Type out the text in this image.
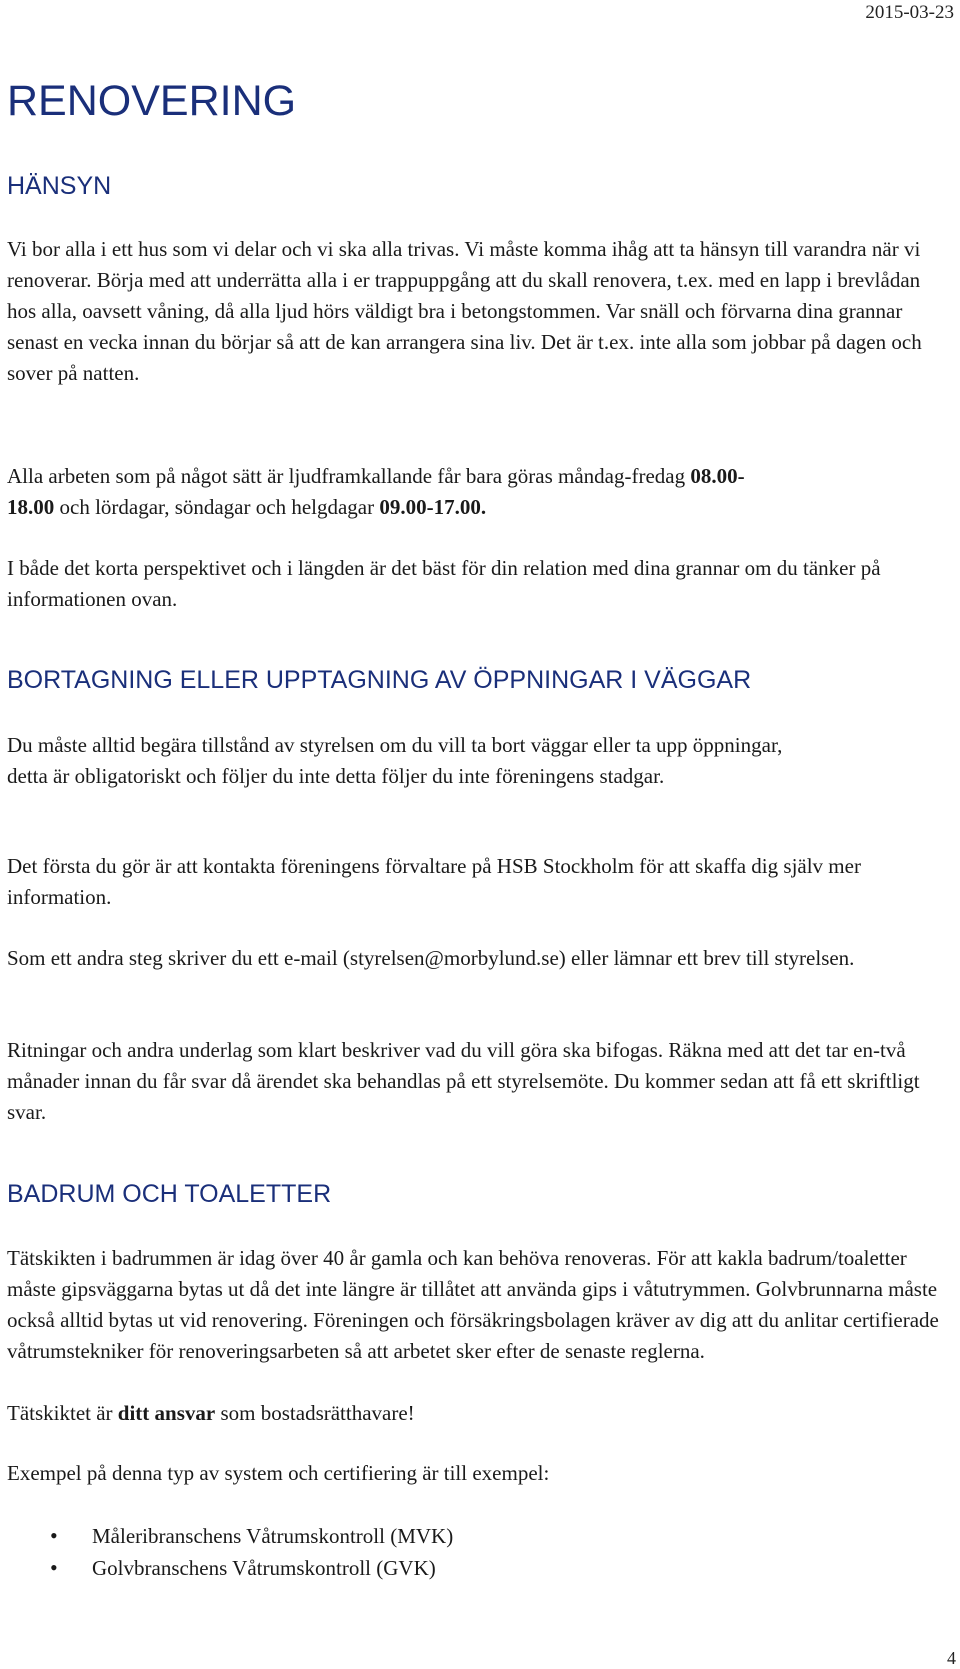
2015-03-23
RENOVERING
HÄNSYN

Vi bor alla i ett hus som vi delar och vi ska alla trivas. Vi måste komma ihåg att ta hänsyn till varandra när vi renoverar. Börja med att underrätta alla i er trappuppgång att du skall renovera, t.ex. med en lapp i brevlådan hos alla, oavsett våning, då alla ljud hörs väldigt bra i betongstommen. Var snäll och förvarna dina grannar senast en vecka innan du börjar så att de kan arrangera sina liv. Det är t.ex. inte alla som jobbar på dagen och sover på natten.

Alla arbeten som på något sätt är ljudframkallande får bara göras måndag-fredag 08.00-18.00 och lördagar, söndagar och helgdagar 09.00-17.00.

I både det korta perspektivet och i längden är det bäst för din relation med dina grannar om du tänker på informationen ovan.

BORTAGNING ELLER UPPTAGNING AV ÖPPNINGAR I VÄGGAR

Du måste alltid begära tillstånd av styrelsen om du vill ta bort väggar eller ta upp öppningar, detta är obligatoriskt och följer du inte detta följer du inte föreningens stadgar.

Det första du gör är att kontakta föreningens förvaltare på HSB Stockholm för att skaffa dig själv mer information.

Som ett andra steg skriver du ett e-mail (styrelsen@morbylund.se) eller lämnar ett brev till styrelsen.

Ritningar och andra underlag som klart beskriver vad du vill göra ska bifogas. Räkna med att det tar en-två månader innan du får svar då ärendet ska behandlas på ett styrelsemöte. Du kommer sedan att få ett skriftligt svar.

BADRUM OCH TOALETTER

Tätskikten i badrummen är idag över 40 år gamla och kan behöva renoveras. För att kakla badrum/toaletter måste gipsväggarna bytas ut då det inte längre är tillåtet att använda gips i våtutrymmen. Golvbrunnarna måste också alltid bytas ut vid renovering. Föreningen och försäkringsbolagen kräver av dig att du anlitar certifierade våtrumstekniker för renoveringsarbeten så att arbetet sker efter de senaste reglerna.

Tätskiktet är ditt ansvar som bostadsrätthavare!

Exempel på denna typ av system och certifiering är till exempel:

• Måleribranschens Våtrumskontroll (MVK)
• Golvbranschens Våtrumskontroll (GVK)
4
